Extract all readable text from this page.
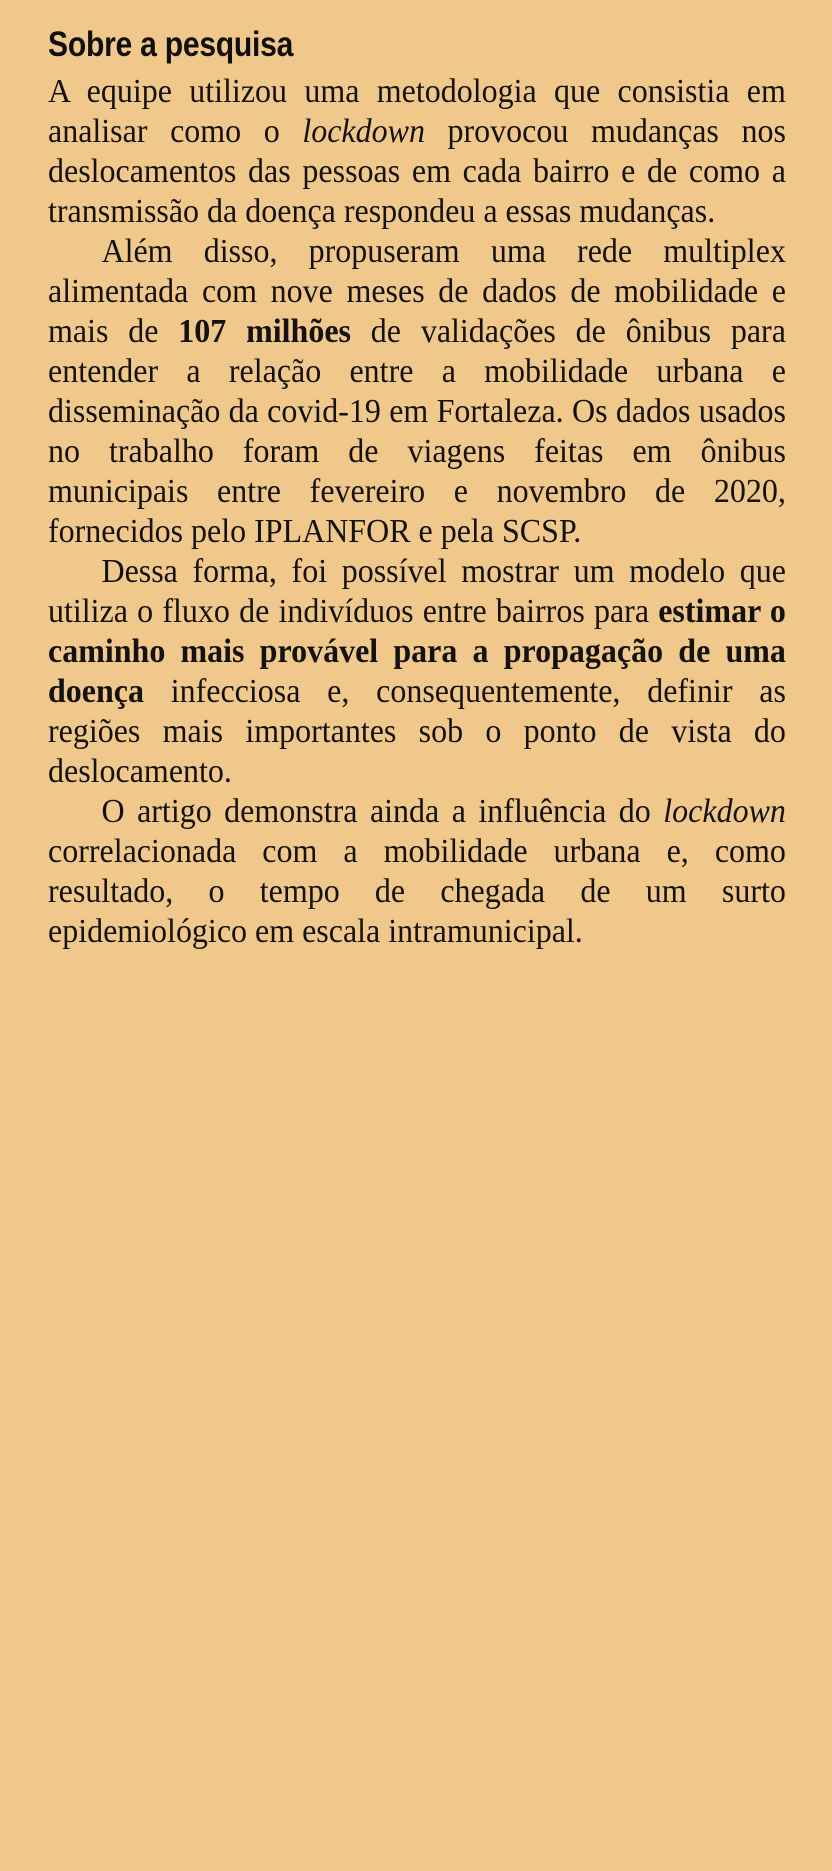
Sobre a pesquisa

A equipe utilizou uma metodologia que consistia em analisar como o lockdown provocou mudanças nos deslocamentos das pessoas em cada bairro e de como a transmissão da doença respondeu a essas mudanças.

Além disso, propuseram uma rede multiplex alimentada com nove meses de dados de mobilidade e mais de 107 milhões de validações de ônibus para entender a relação entre a mobilidade urbana e disseminação da covid-19 em Fortaleza. Os dados usados no trabalho foram de viagens feitas em ônibus municipais entre fevereiro e novembro de 2020, fornecidos pelo IPLANFOR e pela SCSP.

Dessa forma, foi possível mostrar um modelo que utiliza o fluxo de indivíduos entre bairros para estimar o caminho mais provável para a propagação de uma doença infecciosa e, consequentemente, definir as regiões mais importantes sob o ponto de vista do deslocamento.

O artigo demonstra ainda a influência do lockdown correlacionada com a mobilidade urbana e, como resultado, o tempo de chegada de um surto epidemiológico em escala intramunicipal.
